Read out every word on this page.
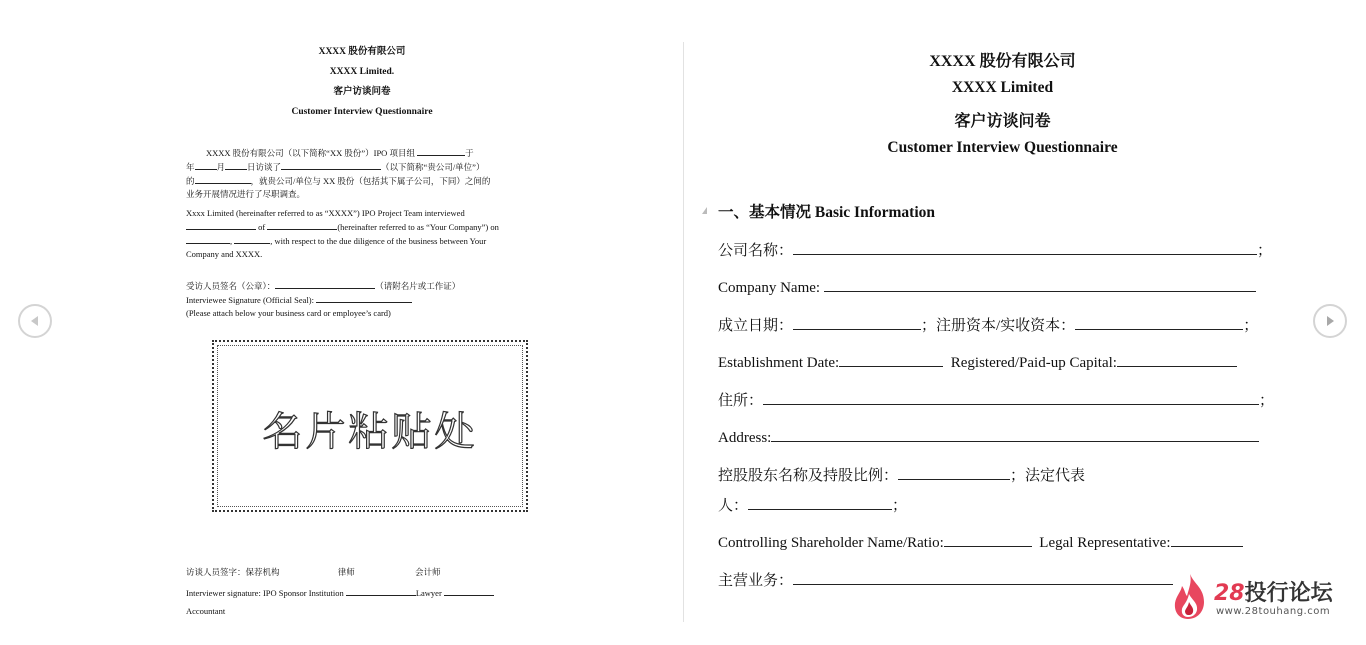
XXXX 股份有限公司
XXXX Limited.
客户访谈问卷
Customer Interview Questionnaire

XXXX 股份有限公司（以下简称“XX 股份”）IPO 项目组	于

年	月	日访谈了	（以下简称“贵公司/单位”）

的	，就贵公司/单位与 XX 股份（包括其下属子公司，下同）之间的

业务开展情况进行了尽职调查。

Xxxx Limited (hereinafter referred to as “XXXX”) IPO Project Team interviewed

of	(hereinafter referred to as “Your Company”) on

,	, with respect to the due diligence of the business between Your

Company and XXXX.

受访人员签名（公章）：	（请附名片或工作证）

Interviewee Signature (Official Seal):

(Please attach below your business card or employee’s card)

名片粘贴处
访谈人员签字：保荐机构	律师	会计师
Interviewer signature: IPO Sponsor Institution	Lawyer
Accountant
XXXX 股份有限公司
XXXX Limited
客户访谈问卷
Customer Interview Questionnaire
一、基本情况 Basic Information
公司名称：	；
Company Name:
成立日期：	；注册资本/实收资本：	；
Establishment Date:	Registered/Paid-up Capital:
住所：	；
Address:
控股股东名称及持股比例：	；法定代表
人：	；
Controlling Shareholder Name/Ratio:	Legal Representative:
主营业务：	28投行论坛
www.28touhang.com
